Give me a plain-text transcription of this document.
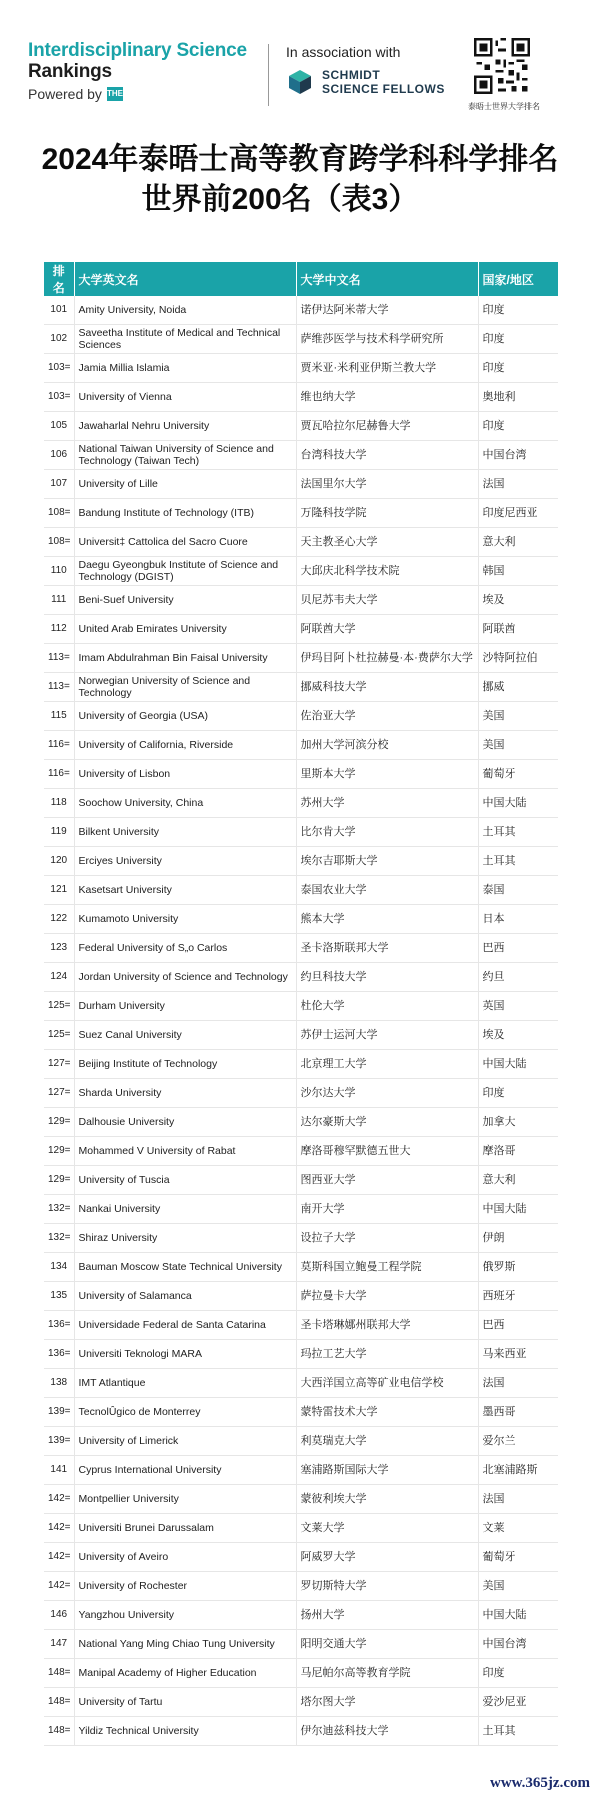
Interdisciplinary Science
Rankings
Powered by THE
In association with
SCHMIDT
SCIENCE FELLOWS
泰晤士世界大学排名
2024年泰晤士高等教育跨学科科学排名
世界前200名（表3）
排名	大学英文名	大学中文名	国家/地区
101	Amity University, Noida	诺伊达阿米蒂大学	印度
102	Saveetha Institute of Medical and Technical Sciences	萨维莎医学与技术科学研究所	印度
103=	Jamia Millia Islamia	贾米亚·米利亚伊斯兰教大学	印度
103=	University of Vienna	维也纳大学	奥地利
105	Jawaharlal Nehru University	贾瓦哈拉尔尼赫鲁大学	印度
106	National Taiwan University of Science and Technology (Taiwan Tech)	台湾科技大学	中国台湾
107	University of Lille	法国里尔大学	法国
108=	Bandung Institute of Technology (ITB)	万隆科技学院	印度尼西亚
108=	Universit‡ Cattolica del Sacro Cuore	天主教圣心大学	意大利
110	Daegu Gyeongbuk Institute of Science and Technology (DGIST)	大邱庆北科学技术院	韩国
111	Beni-Suef University	贝尼苏韦夫大学	埃及
112	United Arab Emirates University	阿联酋大学	阿联酋
113=	Imam Abdulrahman Bin Faisal University	伊玛目阿卜杜拉赫曼·本·费萨尔大学	沙特阿拉伯
113=	Norwegian University of Science and Technology	挪威科技大学	挪威
115	University of Georgia (USA)	佐治亚大学	美国
116=	University of California, Riverside	加州大学河滨分校	美国
116=	University of Lisbon	里斯本大学	葡萄牙
118	Soochow University, China	苏州大学	中国大陆
119	Bilkent University	比尔肯大学	土耳其
120	Erciyes University	埃尔吉耶斯大学	土耳其
121	Kasetsart University	泰国农业大学	泰国
122	Kumamoto University	熊本大学	日本
123	Federal University of S„o Carlos	圣卡洛斯联邦大学	巴西
124	Jordan University of Science and Technology	约旦科技大学	约旦
125=	Durham University	杜伦大学	英国
125=	Suez Canal University	苏伊士运河大学	埃及
127=	Beijing Institute of Technology	北京理工大学	中国大陆
127=	Sharda University	沙尔达大学	印度
129=	Dalhousie University	达尔豪斯大学	加拿大
129=	Mohammed V University of Rabat	摩洛哥穆罕默德五世大	摩洛哥
129=	University of Tuscia	图西亚大学	意大利
132=	Nankai University	南开大学	中国大陆
132=	Shiraz University	设拉子大学	伊朗
134	Bauman Moscow State Technical University	莫斯科国立鲍曼工程学院	俄罗斯
135	University of Salamanca	萨拉曼卡大学	西班牙
136=	Universidade Federal de Santa Catarina	圣卡塔琳娜州联邦大学	巴西
136=	Universiti Teknologi MARA	玛拉工艺大学	马来西亚
138	IMT Atlantique	大西洋国立高等矿业电信学校	法国
139=	TecnolÛgico de Monterrey	蒙特雷技术大学	墨西哥
139=	University of Limerick	利莫瑞克大学	爱尔兰
141	Cyprus International University	塞浦路斯国际大学	北塞浦路斯
142=	Montpellier University	蒙彼利埃大学	法国
142=	Universiti Brunei Darussalam	文莱大学	文莱
142=	University of Aveiro	阿威罗大学	葡萄牙
142=	University of Rochester	罗切斯特大学	美国
146	Yangzhou University	扬州大学	中国大陆
147	National Yang Ming Chiao Tung University	阳明交通大学	中国台湾
148=	Manipal Academy of Higher Education	马尼帕尔高等教育学院	印度
148=	University of Tartu	塔尔图大学	爱沙尼亚
148=	Yildiz Technical University	伊尔迪兹科技大学	土耳其
www.365jz.com
